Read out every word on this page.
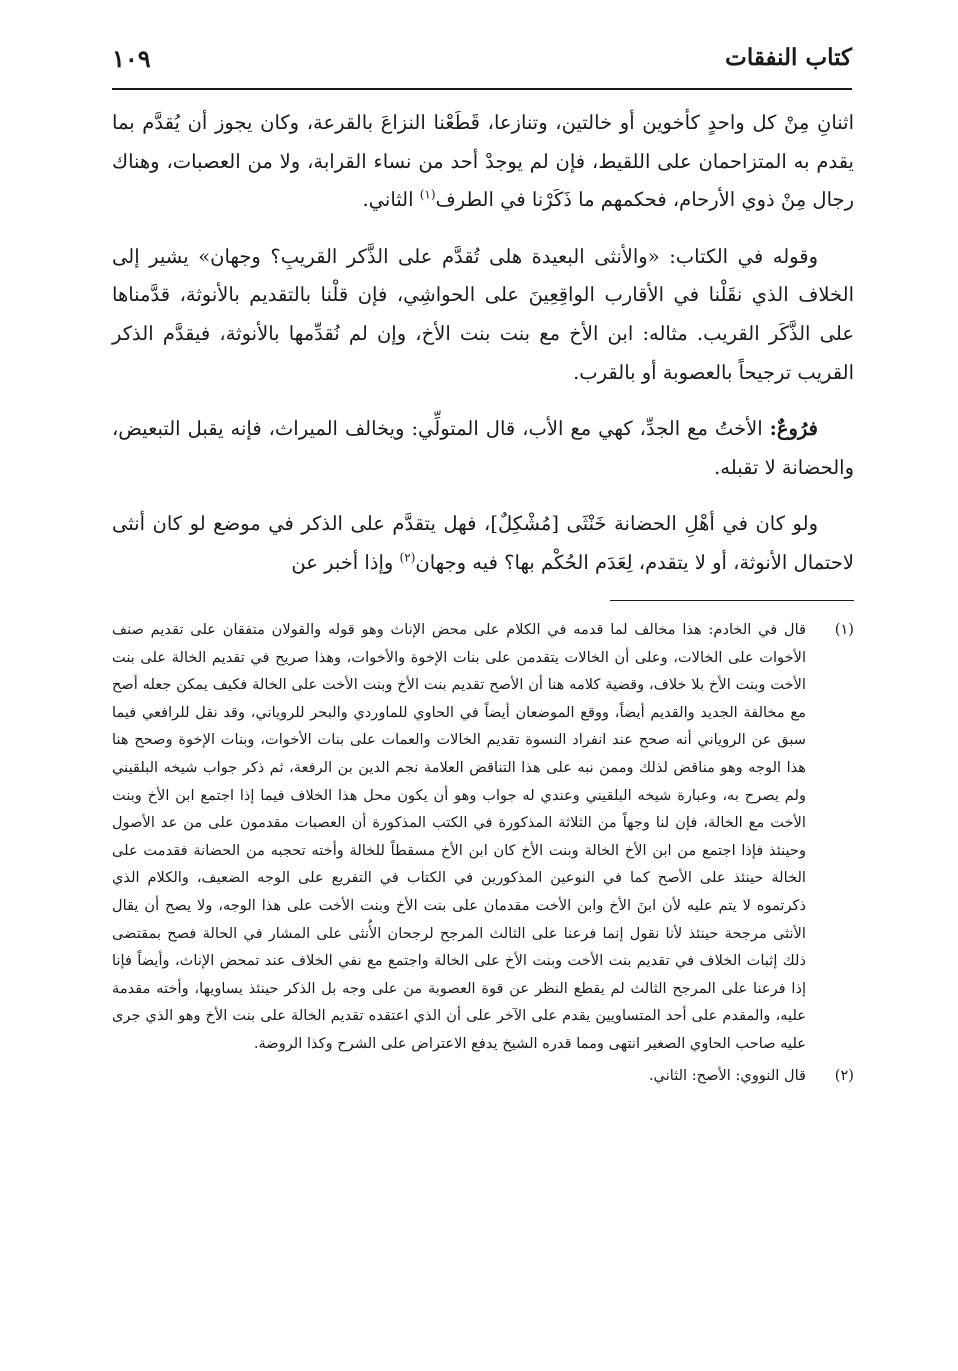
كتاب النفقات
١٠٩

اثنانِ مِنْ كل واحدٍ كأخوين أو خالتين، وتنازعا، قَطَعْنا النزاعَ بالقرعة، وكان يجوز أن يُقدَّم بما يقدم به المتزاحمان على اللقيط، فإن لم يوجدْ أحد من نساء القرابة، ولا من العصبات، وهناك رجال مِنْ ذوي الأرحام، فحكمهم ما ذَكَرْنا في الطرف$^{(١)}$ الثاني.

وقوله في الكتاب: «والأنثى البعيدة هلى تُقدَّم على الذَّكر القريبِ؟ وجهان» يشير إلى الخلاف الذي نقَلْنا في الأقارب الواقِعِينَ على الحواشِي، فإن قلْنا بالتقديم بالأنوثة، قدَّمناها على الذَّكَر القريب. مثاله: ابن الأخ مع بنت بنت الأخ، وإن لم نُقدِّمها بالأنوثة، فيقدَّم الذكر القريب ترجيحاً بالعصوبة أو بالقرب.

فرُوعٌ: الأختُ مع الجدِّ، كهي مع الأب، قال المتولِّي: ويخالف الميراث، فإنه يقبل التبعيض، والحضانة لا تقبله.

ولو كان في أهْلِ الحضانة خَنْثَى [مُشْكِلٌ]، فهل يتقدَّم على الذكر في موضع لو كان أنثى لاحتمال الأنوثة، أو لا يتقدم، لِعَدَم الحُكْم بها؟ فيه وجهان$^{(٢)}$ وإذا أخبر عن

(١)
قال في الخادم: هذا مخالف لما قدمه في الكلام على محض الإناث وهو قوله والقولان متفقان على تقديم صنف الأخوات على الخالات، وعلى أن الخالات يتقدمن على بنات الإخوة والأخوات، وهذا صريح في تقديم الخالة على بنت الأخت وبنت الأخ بلا خلاف، وقضية كلامه هنا أن الأصح تقديم بنت الأخ وبنت الأخت على الخالة فكيف يمكن جعله أصح مع مخالفة الجديد والقديم أيضاً، ووقع الموضعان أيضاً في الحاوي للماوردي والبحر للروياني، وقد نقل للرافعي فيما سبق عن الروياني أنه صحح عند انفراد النسوة تقديم الخالات والعمات على بنات الأخوات، وبنات الإخوة وصحح هنا هذا الوجه وهو مناقض لذلك وممن نبه على هذا التناقض العلامة نجم الدين بن الرفعة، ثم ذكر جواب شيخه البلقيني ولم يصرح به، وعبارة شيخه البلقيني وعندي له جواب وهو أن يكون محل هذا الخلاف فيما إذا اجتمع ابن الأخ وبنت الأخت مع الخالة، فإن لنا وجهاً من الثلاثة المذكورة في الكتب المذكورة أن العصبات مقدمون على من عد الأصول وحينئذ فإذا اجتمع من ابن الأخ الخالة وبنت الأخ كان ابن الأخ مسقطاً للخالة وأخته تحجبه من الحضانة فقدمت على الخالة حينئذ على الأصح كما في النوعين المذكورين في الكتاب في التفريع على الوجه الضعيف، والكلام الذي ذكرتموه لا يتم عليه لأن ابنَ الأخ وابن الأخت مقدمان على بنت الأخ وبنت الأخت على هذا الوجه، ولا يصح أن يقال الأنثى مرجحة حينئذ لأنا نقول إنما فرعنا على الثالث المرجح لرجحان الأُنثى على المشار في الحالة فصح بمقتضى ذلك إثبات الخلاف في تقديم بنت الأخت وبنت الأخ على الخالة واجتمع مع نفي الخلاف عند تمحض الإناث، وأيضاً فإنا إذا فرعنا على المرجح الثالث لم يقطع النظر عن قوة العصوبة من على وجه بل الذكر حينئذ يساويها، وأخته مقدمة عليه، والمقدم على أحد المتساويين يقدم على الآخر على أن الذي اعتقده تقديم الخالة على بنت الأخ وهو الذي جرى عليه صاحب الحاوي الصغير انتهى ومما قدره الشيخ يدفع الاعتراض على الشرح وكذا الروضة.
(٢)
قال النووي: الأصح: الثاني.
